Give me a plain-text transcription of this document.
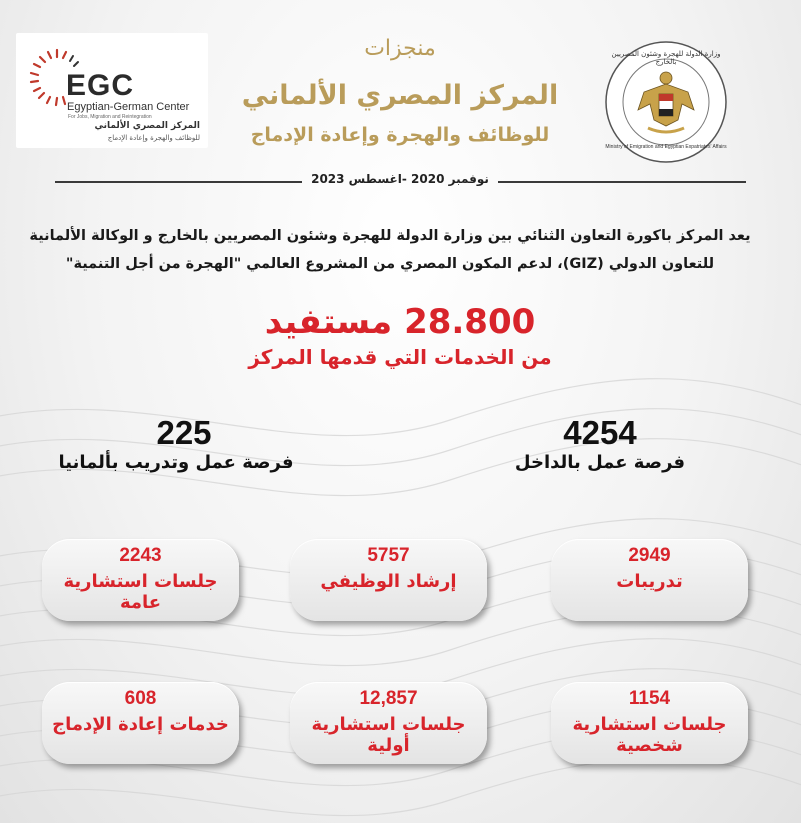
EGC
Egyptian-German Center
For Jobs, Migration and Reintegration
المركز المصري الألماني
للوظائف والهجرة وإعادة الإدماج
وزارة الدولة للهجرة وشئون المصريين بالخارج
Ministry of Emigration and Egyptian Expatriates' Affairs
منجزات
المركز المصري الألماني
للوظائف والهجرة وإعادة الإدماج
نوفمبر 2020 -اغسطس 2023

يعد المركز باكورة التعاون الثنائي بين وزارة الدولة للهجرة وشئون المصريين بالخارج و الوكالة الألمانية

للتعاون الدولي (GIZ)، لدعم المكون المصري من المشروع العالمي "الهجرة من أجل التنمية"

28.800 مستفيد
من الخدمات التي قدمها المركز
4254
فرصة عمل بالداخل
225
فرصة عمل وتدريب بألمانيا
2949
تدريبات
5757
إرشاد الوظيفي
2243
جلسات استشارية عامة
1154
جلسات استشارية شخصية
12,857
جلسات استشارية أولية
608
خدمات إعادة الإدماج
